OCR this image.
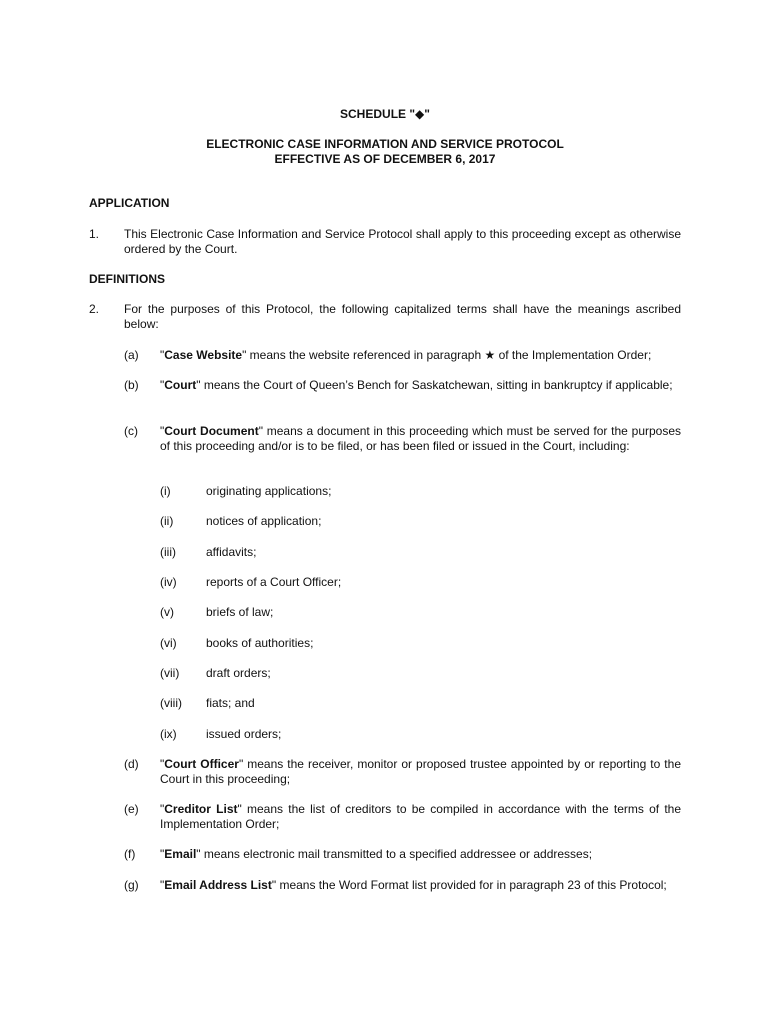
SCHEDULE "◆"
ELECTRONIC CASE INFORMATION AND SERVICE PROTOCOL
EFFECTIVE AS OF DECEMBER 6, 2017
APPLICATION
1. This Electronic Case Information and Service Protocol shall apply to this proceeding except as otherwise ordered by the Court.
DEFINITIONS
2. For the purposes of this Protocol, the following capitalized terms shall have the meanings ascribed below:
(a) "Case Website" means the website referenced in paragraph ★ of the Implementation Order;
(b) "Court" means the Court of Queen’s Bench for Saskatchewan, sitting in bankruptcy if applicable;
(c) "Court Document" means a document in this proceeding which must be served for the purposes of this proceeding and/or is to be filed, or has been filed or issued in the Court, including:
(i)	originating applications;
(ii)	notices of application;
(iii)	affidavits;
(iv) reports of a Court Officer;
(v)	briefs of law;
(vi) books of authorities;
(vii) draft orders;
(viii) fiats; and
(ix) issued orders;
(d) "Court Officer" means the receiver, monitor or proposed trustee appointed by or reporting to the Court in this proceeding;
(e) "Creditor List" means the list of creditors to be compiled in accordance with the terms of the Implementation Order;
(f) "Email" means electronic mail transmitted to a specified addressee or addresses;
(g) "Email Address List" means the Word Format list provided for in paragraph 23 of this Protocol;
